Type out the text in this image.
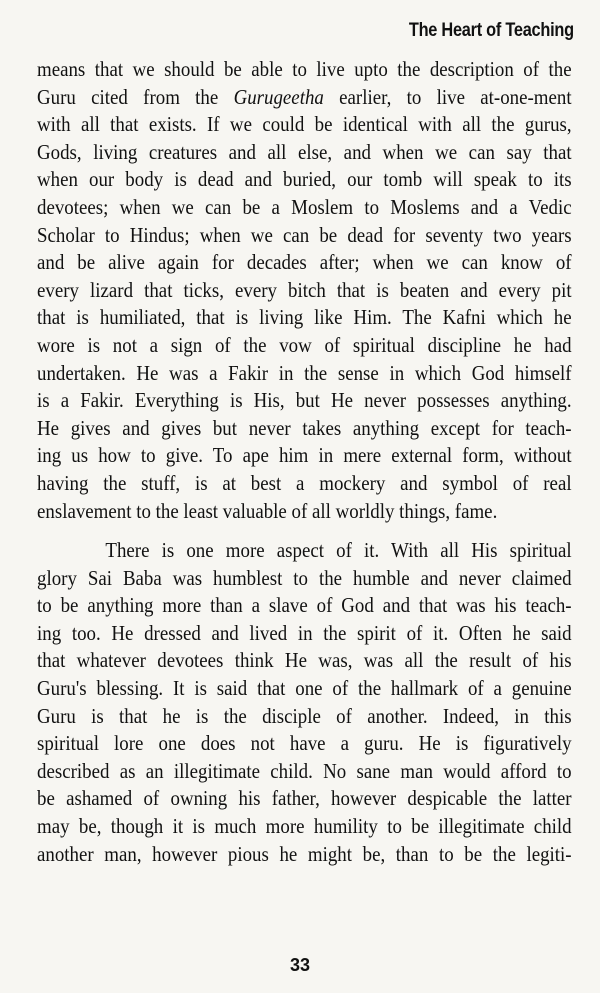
The Heart of Teaching
means that we should be able to live upto the description of the
Guru cited from the Gurugeetha earlier, to live at-one-ment
with all that exists. If we could be identical with all the gurus,
Gods, living creatures and all else, and when we can say that
when our body is dead and buried, our tomb will speak to its
devotees; when we can be a Moslem to Moslems and a Vedic
Scholar to Hindus; when we can be dead for seventy two years
and be alive again for decades after; when we can know of
every lizard that ticks, every bitch that is beaten and every pit
that is humiliated, that is living like Him. The Kafni which he
wore is not a sign of the vow of spiritual discipline he had
undertaken. He was a Fakir in the sense in which God himself
is a Fakir. Everything is His, but He never possesses anything.
He gives and gives but never takes anything except for teach-
ing us how to give. To ape him in mere external form, without
having the stuff, is at best a mockery and symbol of real
enslavement to the least valuable of all worldly things, fame.
There is one more aspect of it. With all His spiritual
glory Sai Baba was humblest to the humble and never claimed
to be anything more than a slave of God and that was his teach-
ing too. He dressed and lived in the spirit of it. Often he said
that whatever devotees think He was, was all the result of his
Guru's blessing. It is said that one of the hallmark of a genuine
Guru is that he is the disciple of another. Indeed, in this
spiritual lore one does not have a guru. He is figuratively
described as an illegitimate child. No sane man would afford to
be ashamed of owning his father, however despicable the latter
may be, though it is much more humility to be illegitimate child
another man, however pious he might be, than to be the legiti-
33
